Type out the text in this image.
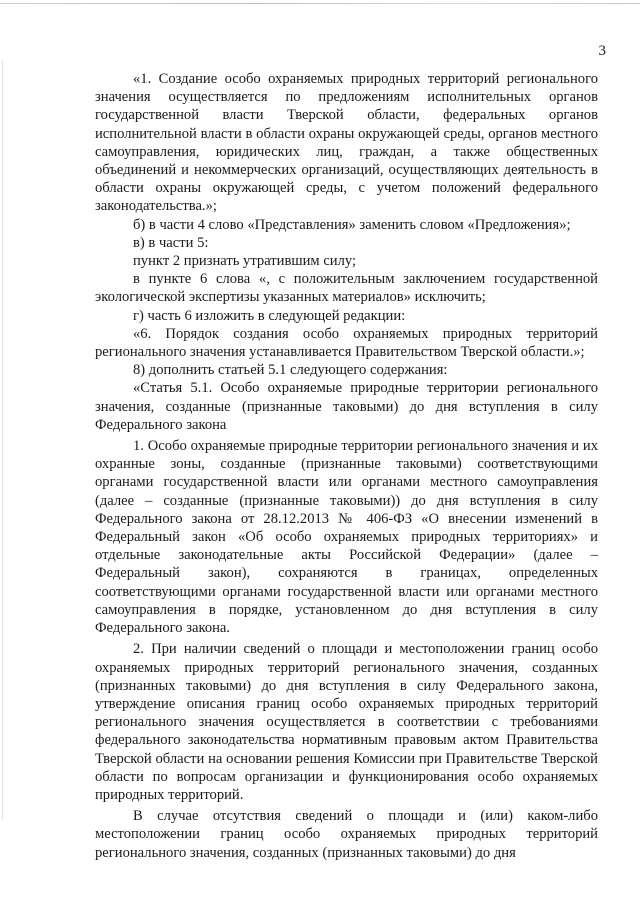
3

«1. Создание особо охраняемых природных территорий регионального значения осуществляется по предложениям исполнительных органов государственной власти Тверской области, федеральных органов исполнительной власти в области охраны окружающей среды, органов местного самоуправления, юридических лиц, граждан, а также общественных объединений и некоммерческих организаций, осуществляющих деятельность в области охраны окружающей среды, с учетом положений федерального законодательства.»;

б) в части 4 слово «Представления» заменить словом «Предложения»;

в) в части 5:

пункт 2 признать утратившим силу;

в пункте 6 слова «, с положительным заключением государственной экологической экспертизы указанных материалов» исключить;

г) часть 6 изложить в следующей редакции:

«6. Порядок создания особо охраняемых природных территорий регионального значения устанавливается Правительством Тверской области.»;

8) дополнить статьей 5.1 следующего содержания:

«Статья 5.1. Особо охраняемые природные территории регионального значения, созданные (признанные таковыми) до дня вступления в силу Федерального закона

1. Особо охраняемые природные территории регионального значения и их охранные зоны, созданные (признанные таковыми) соответствующими органами государственной власти или органами местного самоуправления (далее – созданные (признанные таковыми)) до дня вступления в силу Федерального закона от 28.12.2013 № 406-ФЗ «О внесении изменений в Федеральный закон «Об особо охраняемых природных территориях» и отдельные законодательные акты Российской Федерации» (далее – Федеральный закон), сохраняются в границах, определенных соответствующими органами государственной власти или органами местного самоуправления в порядке, установленном до дня вступления в силу Федерального закона.

2. При наличии сведений о площади и местоположении границ особо охраняемых природных территорий регионального значения, созданных (признанных таковыми) до дня вступления в силу Федерального закона, утверждение описания границ особо охраняемых природных территорий регионального значения осуществляется в соответствии с требованиями федерального законодательства нормативным правовым актом Правительства Тверской области на основании решения Комиссии при Правительстве Тверской области по вопросам организации и функционирования особо охраняемых природных территорий.

В случае отсутствия сведений о площади и (или) каком-либо местоположении границ особо охраняемых природных территорий регионального значения, созданных (признанных таковыми) до дня
